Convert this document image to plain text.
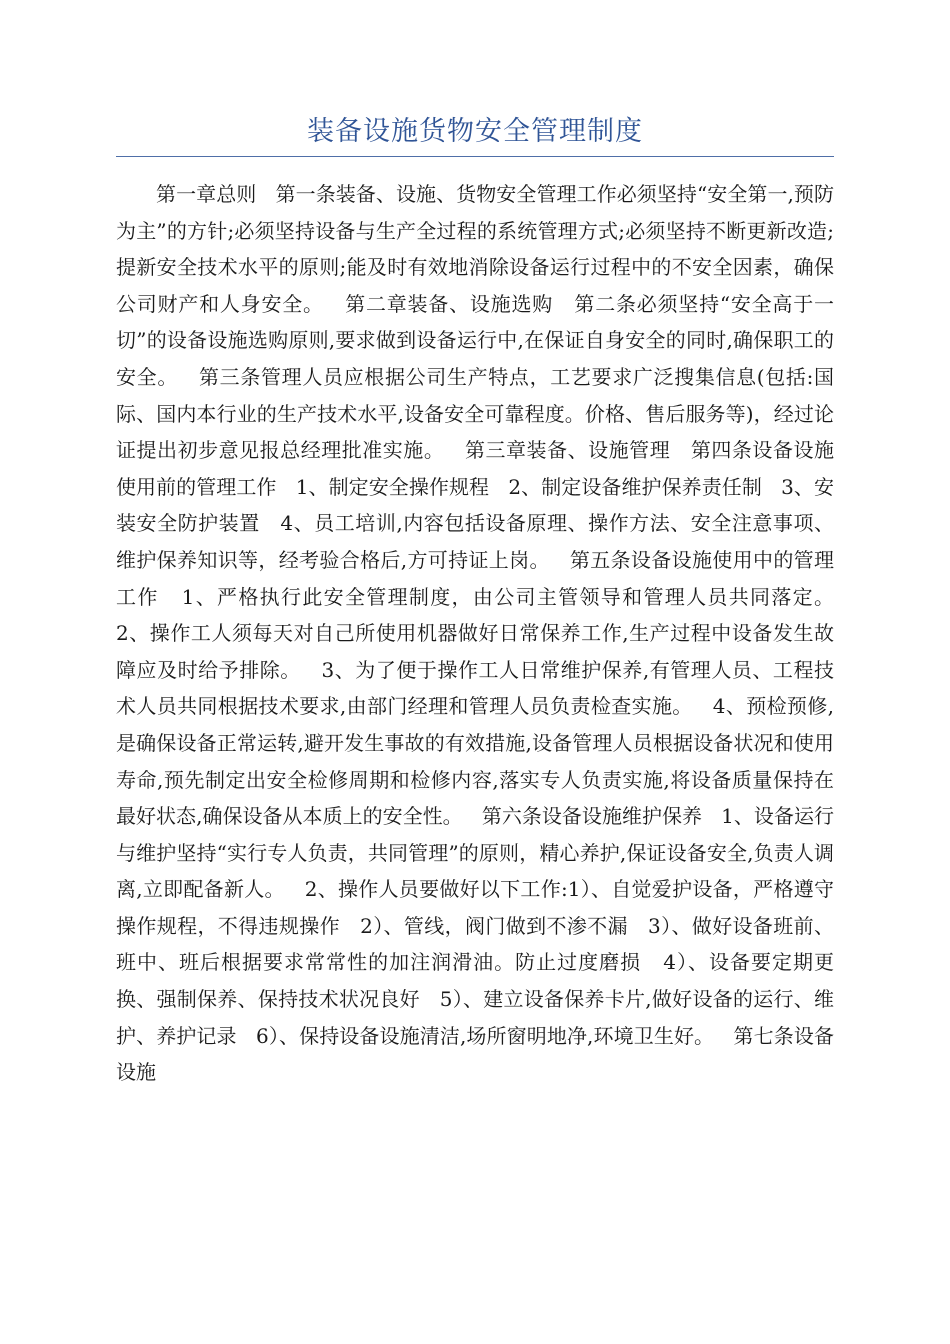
装备设施货物安全管理制度

第一章总则   第一条装备、设施、货物安全管理工作必须坚持“安全第一,预防为主”的方针;必须坚持设备与生产全过程的系统管理方式;必须坚持不断更新改造;提新安全技术水平的原则;能及时有效地消除设备运行过程中的不安全因素，确保公司财产和人身安全。   第二章装备、设施选购   第二条必须坚持“安全高于一切”的设备设施选购原则,要求做到设备运行中,在保证自身安全的同时,确保职工的安全。   第三条管理人员应根据公司生产特点，工艺要求广泛搜集信息(包括:国际、国内本行业的生产技术水平,设备安全可靠程度。价格、售后服务等)，经过论证提出初步意见报总经理批准实施。   第三章装备、设施管理   第四条设备设施使用前的管理工作   1、制定安全操作规程   2、制定设备维护保养责任制   3、安装安全防护装置   4、员工培训,内容包括设备原理、操作方法、安全注意事项、维护保养知识等，经考验合格后,方可持证上岗。   第五条设备设施使用中的管理工作   1、严格执行此安全管理制度，由公司主管领导和管理人员共同落定。   2、操作工人须每天对自己所使用机器做好日常保养工作,生产过程中设备发生故障应及时给予排除。   3、为了便于操作工人日常维护保养,有管理人员、工程技术人员共同根据技术要求,由部门经理和管理人员负责检查实施。   4、预检预修,是确保设备正常运转,避开发生事故的有效措施,设备管理人员根据设备状况和使用寿命,预先制定出安全检修周期和检修内容,落实专人负责实施,将设备质量保持在最好状态,确保设备从本质上的安全性。   第六条设备设施维护保养   1、设备运行与维护坚持“实行专人负责，共同管理”的原则，精心养护,保证设备安全,负责人调离,立即配备新人。   2、操作人员要做好以下工作:1）、自觉爱护设备，严格遵守操作规程，不得违规操作   2）、管线，阀门做到不渗不漏   3）、做好设备班前、班中、班后根据要求常常性的加注润滑油。防止过度磨损   4）、设备要定期更换、强制保养、保持技术状况良好   5）、建立设备保养卡片,做好设备的运行、维护、养护记录   6）、保持设备设施清洁,场所窗明地净,环境卫生好。   第七条设备设施
